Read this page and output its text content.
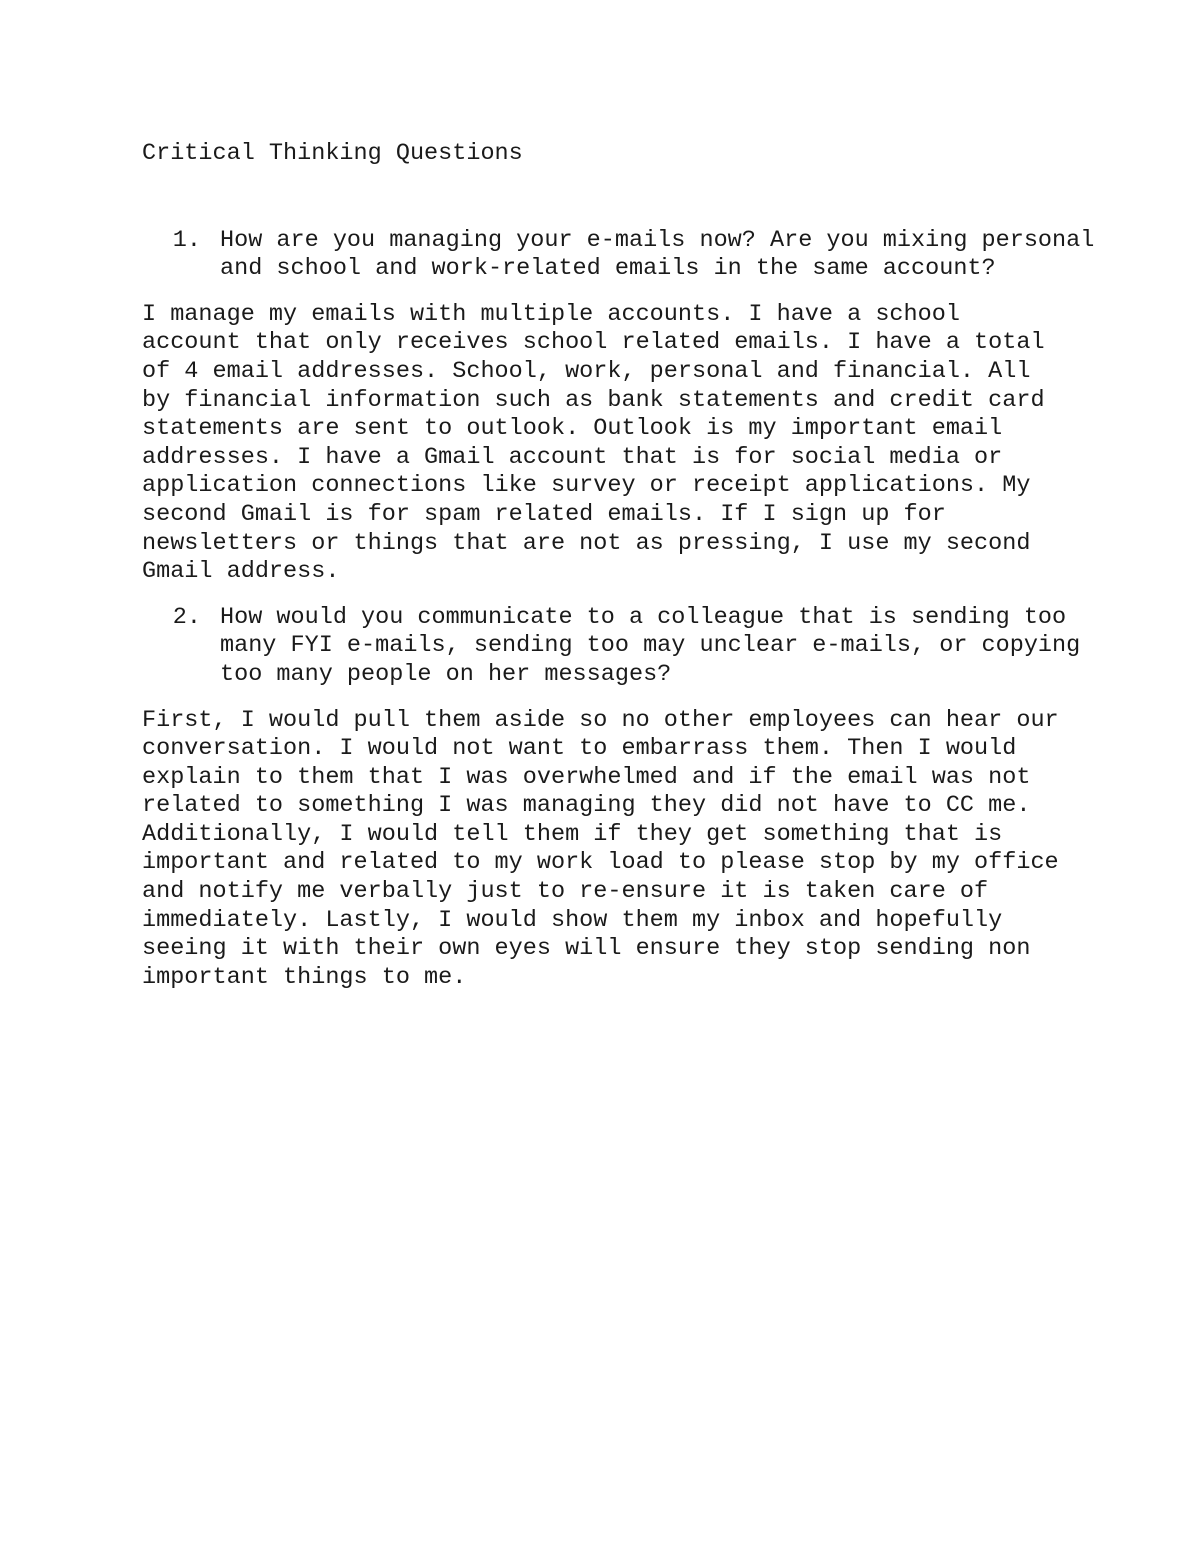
Critical Thinking Questions
1. How are you managing your e-mails now? Are you mixing personal and school and work-related emails in the same account?

I manage my emails with multiple accounts. I have a school account that only receives school related emails. I have a total of 4 email addresses. School, work, personal and financial. All by financial information such as bank statements and credit card statements are sent to outlook. Outlook is my important email addresses. I have a Gmail account that is for social media or application connections like survey or receipt applications. My second Gmail is for spam related emails. If I sign up for newsletters or things that are not as pressing, I use my second Gmail address.

2. How would you communicate to a colleague that is sending too many FYI e-mails, sending too may unclear e-mails, or copying too many people on her messages?

First, I would pull them aside so no other employees can hear our conversation. I would not want to embarrass them. Then I would explain to them that I was overwhelmed and if the email was not related to something I was managing they did not have to CC me. Additionally, I would tell them if they get something that is important and related to my work load to please stop by my office and notify me verbally just to re-ensure it is taken care of immediately. Lastly, I would show them my inbox and hopefully seeing it with their own eyes will ensure they stop sending non important things to me.
